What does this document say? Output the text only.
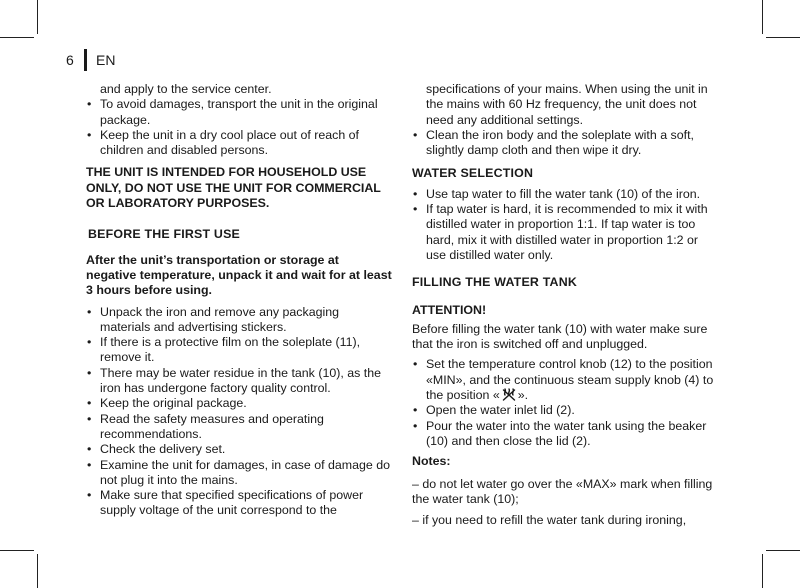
6	EN

and apply to the service center.

• To avoid damages, transport the unit in the original package.
• Keep the unit in a dry cool place out of reach of children and disabled persons.

THE UNIT IS INTENDED FOR HOUSEHOLD USE ONLY, DO NOT USE THE UNIT FOR COMMERCIAL OR LABORATORY PURPOSES.

BEFORE THE FIRST USE

After the unit’s transportation or storage at negative temperature, unpack it and wait for at least 3 hours before using.

• Unpack the iron and remove any packaging materials and advertising stickers.
• If there is a protective film on the soleplate (11), remove it.
• There may be water residue in the tank (10), as the iron has undergone factory quality control.
• Keep the original package.
• Read the safety measures and operating recommendations.
• Check the delivery set.
• Examine the unit for damages, in case of damage do not plug it into the mains.
• Make sure that specified specifications of power supply voltage of the unit correspond to the

specifications of your mains. When using the unit in the mains with 60 Hz frequency, the unit does not need any additional settings.

• Clean the iron body and the soleplate with a soft, slightly damp cloth and then wipe it dry.

WATER SELECTION

• Use tap water to fill the water tank (10) of the iron.
• If tap water is hard, it is recommended to mix it with distilled water in proportion 1:1. If tap water is too hard, mix it with distilled water in proportion 1:2 or use distilled water only.

FILLING THE WATER TANK

ATTENTION!

Before filling the water tank (10) with water make sure that the iron is switched off and unplugged.

• Set the temperature control knob (12) to the position «MIN», and the continuous steam supply knob (4) to the position « ».
• Open the water inlet lid (2).
• Pour the water into the water tank using the beaker (10) and then close the lid (2).

Notes:

– do not let water go over the «MAX» mark when filling the water tank (10);

– if you need to refill the water tank during ironing,
